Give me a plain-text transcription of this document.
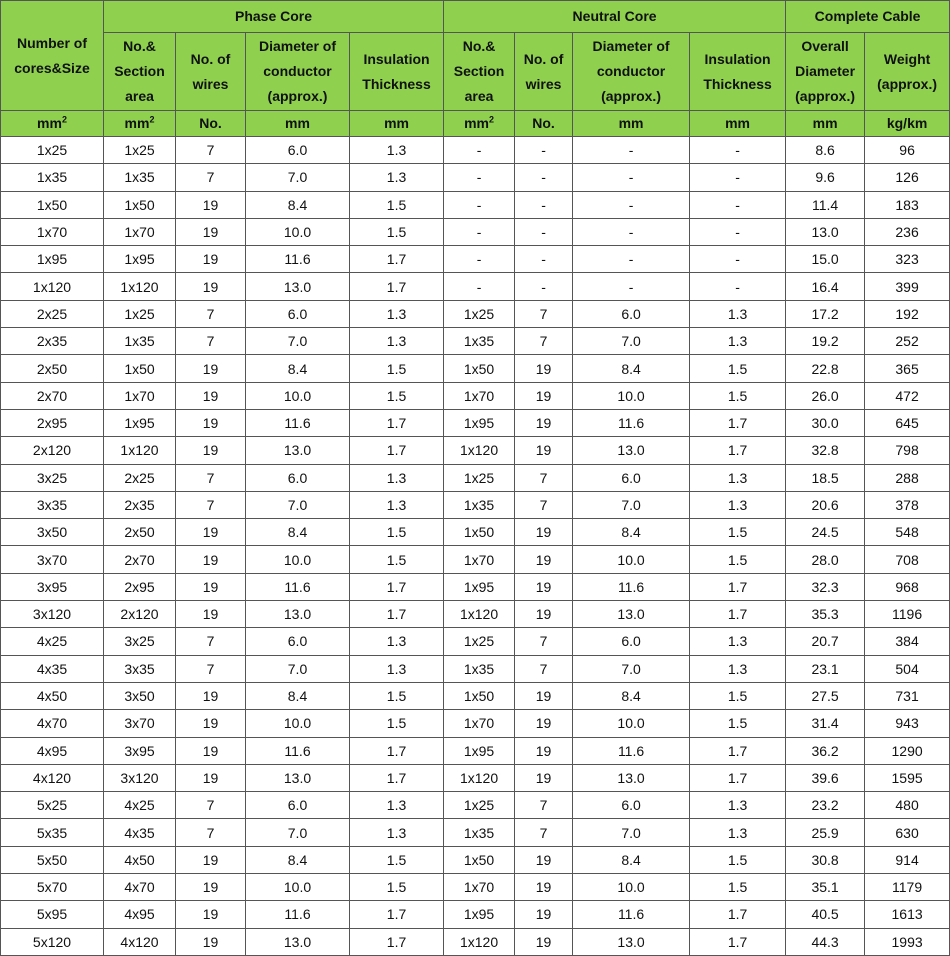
Number of cores&Size	Phase Core				Neutral Core				Complete Cable	
	No.& Section area	No. of wires	Diameter of conductor (approx.)	Insulation Thickness	No.& Section area	No. of wires	Diameter of conductor (approx.)	Insulation Thickness	Overall Diameter (approx.)	Weight (approx.)
$mm^2$	$mm^2$	No.	mm	mm	$mm^2$	No.	mm	mm	mm	kg/km
1x25	1x25	7	6.0	1.3	-	-	-	-	8.6	96
1x35	1x35	7	7.0	1.3	-	-	-	-	9.6	126
1x50	1x50	19	8.4	1.5	-	-	-	-	11.4	183
1x70	1x70	19	10.0	1.5	-	-	-	-	13.0	236
1x95	1x95	19	11.6	1.7	-	-	-	-	15.0	323
1x120	1x120	19	13.0	1.7	-	-	-	-	16.4	399
2x25	1x25	7	6.0	1.3	1x25	7	6.0	1.3	17.2	192
2x35	1x35	7	7.0	1.3	1x35	7	7.0	1.3	19.2	252
2x50	1x50	19	8.4	1.5	1x50	19	8.4	1.5	22.8	365
2x70	1x70	19	10.0	1.5	1x70	19	10.0	1.5	26.0	472
2x95	1x95	19	11.6	1.7	1x95	19	11.6	1.7	30.0	645
2x120	1x120	19	13.0	1.7	1x120	19	13.0	1.7	32.8	798
3x25	2x25	7	6.0	1.3	1x25	7	6.0	1.3	18.5	288
3x35	2x35	7	7.0	1.3	1x35	7	7.0	1.3	20.6	378
3x50	2x50	19	8.4	1.5	1x50	19	8.4	1.5	24.5	548
3x70	2x70	19	10.0	1.5	1x70	19	10.0	1.5	28.0	708
3x95	2x95	19	11.6	1.7	1x95	19	11.6	1.7	32.3	968
3x120	2x120	19	13.0	1.7	1x120	19	13.0	1.7	35.3	1196
4x25	3x25	7	6.0	1.3	1x25	7	6.0	1.3	20.7	384
4x35	3x35	7	7.0	1.3	1x35	7	7.0	1.3	23.1	504
4x50	3x50	19	8.4	1.5	1x50	19	8.4	1.5	27.5	731
4x70	3x70	19	10.0	1.5	1x70	19	10.0	1.5	31.4	943
4x95	3x95	19	11.6	1.7	1x95	19	11.6	1.7	36.2	1290
4x120	3x120	19	13.0	1.7	1x120	19	13.0	1.7	39.6	1595
5x25	4x25	7	6.0	1.3	1x25	7	6.0	1.3	23.2	480
5x35	4x35	7	7.0	1.3	1x35	7	7.0	1.3	25.9	630
5x50	4x50	19	8.4	1.5	1x50	19	8.4	1.5	30.8	914
5x70	4x70	19	10.0	1.5	1x70	19	10.0	1.5	35.1	1179
5x95	4x95	19	11.6	1.7	1x95	19	11.6	1.7	40.5	1613
5x120	4x120	19	13.0	1.7	1x120	19	13.0	1.7	44.3	1993
